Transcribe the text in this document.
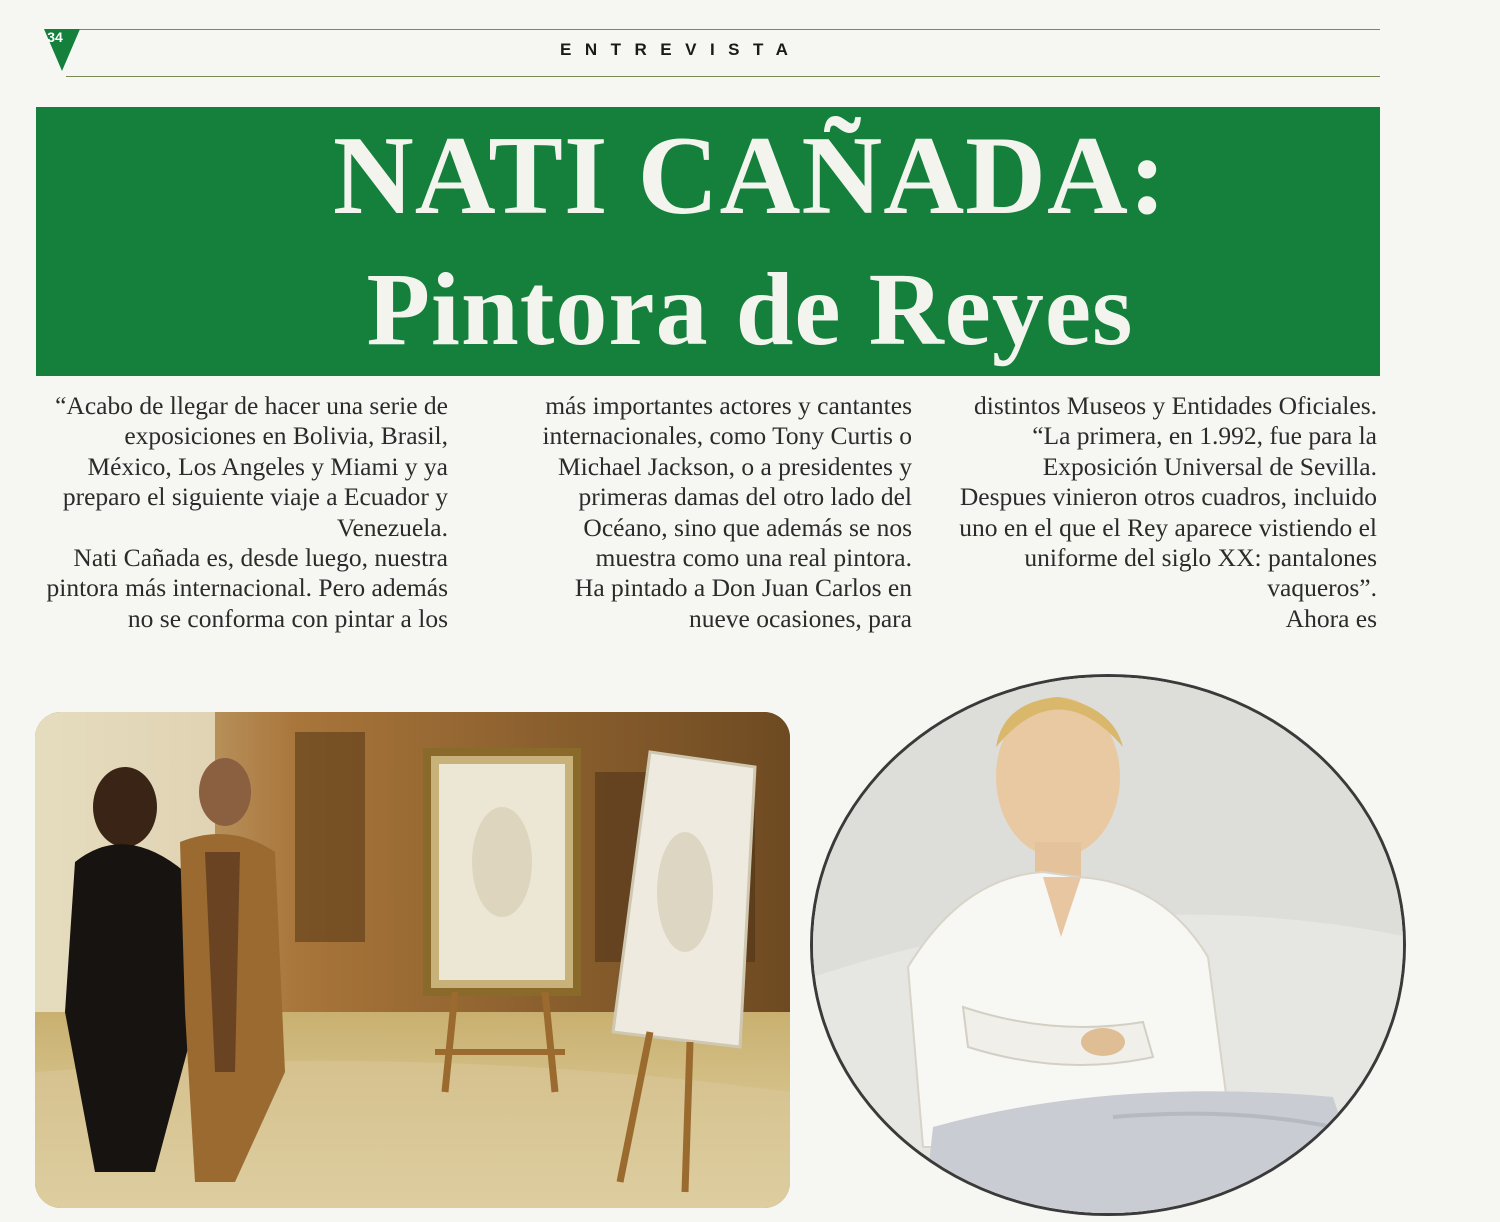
34
ENTREVISTA
NATI CAÑADA:
Pintora de Reyes

“Acabo de llegar de hacer una serie de exposiciones en Bolivia, Brasil, México, Los Angeles y Miami y ya preparo el siguiente viaje a Ecuador y Venezuela.

Nati Cañada es, desde luego, nuestra pintora más internacional. Pero además no se conforma con pintar a los

más importantes actores y cantantes internacionales, como Tony Curtis o Michael Jackson, o a presidentes y primeras damas del otro lado del Océano, sino que además se nos muestra como una real pintora.

Ha pintado a Don Juan Carlos en nueve ocasiones, para

distintos Museos y Entidades Oficiales. “La primera, en 1.992, fue para la Exposición Universal de Sevilla. Despues vinieron otros cuadros, incluido uno en el que el Rey aparece vistiendo el uniforme del siglo XX: pantalones vaqueros”.

Ahora es
